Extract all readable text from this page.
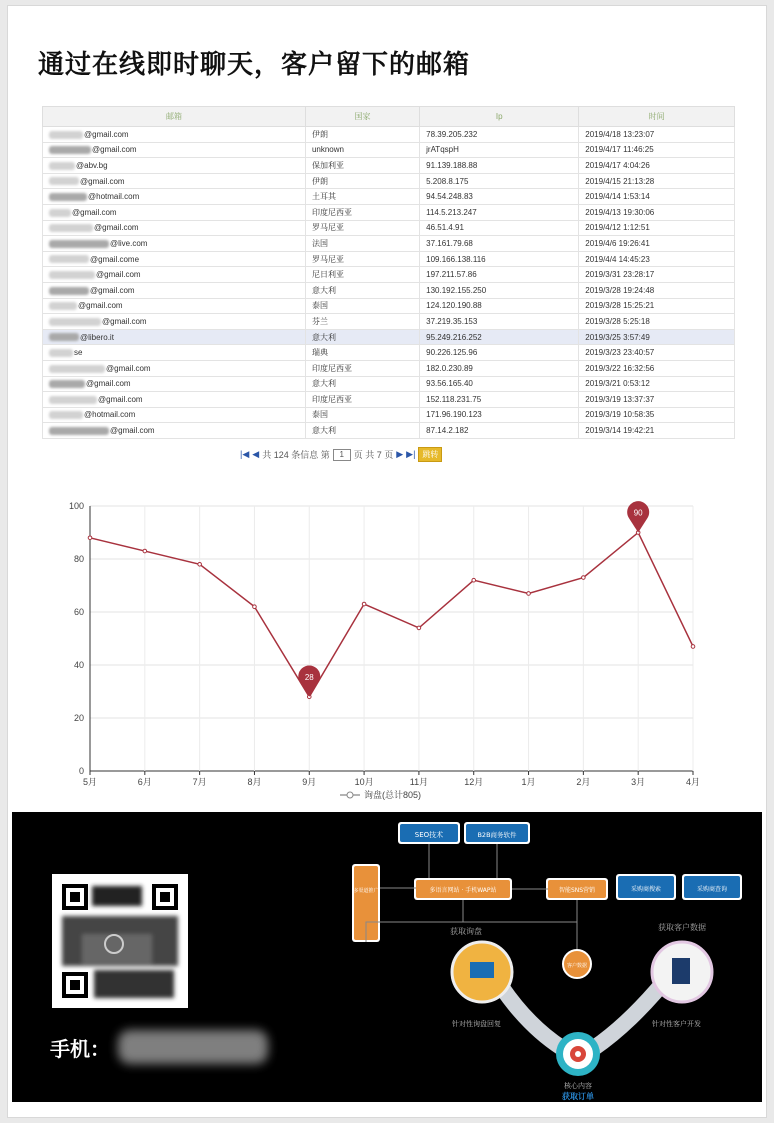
通过在线即时聊天，客户留下的邮箱
邮箱	国家	Ip	时间
@gmail.com	伊朗	78.39.205.232	2019/4/18 13:23:07
@gmail.com	unknown	jrATqspH	2019/4/17 11:46:25
@abv.bg	保加利亚	91.139.188.88	2019/4/17 4:04:26
@gmail.com	伊朗	5.208.8.175	2019/4/15 21:13:28
@hotmail.com	土耳其	94.54.248.83	2019/4/14 1:53:14
@gmail.com	印度尼西亚	114.5.213.247	2019/4/13 19:30:06
@gmail.com	罗马尼亚	46.51.4.91	2019/4/12 1:12:51
@live.com	法国	37.161.79.68	2019/4/6 19:26:41
@gmail.come	罗马尼亚	109.166.138.116	2019/4/4 14:45:23
@gmail.com	尼日利亚	197.211.57.86	2019/3/31 23:28:17
@gmail.com	意大利	130.192.155.250	2019/3/28 19:24:48
@gmail.com	泰国	124.120.190.88	2019/3/28 15:25:21
@gmail.com	芬兰	37.219.35.153	2019/3/28 5:25:18
@libero.it	意大利	95.249.216.252	2019/3/25 3:57:49
se	瑞典	90.226.125.96	2019/3/23 23:40:57
@gmail.com	印度尼西亚	182.0.230.89	2019/3/22 16:32:56
@gmail.com	意大利	93.56.165.40	2019/3/21 0:53:12
@gmail.com	印度尼西亚	152.118.231.75	2019/3/19 13:37:37
@hotmail.com	泰国	171.96.190.123	2019/3/19 10:58:35
@gmail.com	意大利	87.14.2.182	2019/3/14 19:42:21
|◀ ◀ 共 124 条信息 第	1	页 共 7 页 ▶ ▶| 跳转
0
20
40
60
80
100
5月	6月	7月	8月	9月	10月	11月	12月	1月	2月	3月	4月
28
90
询盘(总计805)
手机：
SEO技术	B2B商务软件
多渠道推广	多语言网站 · 手机WAP站	智能SNS营销	采购商搜索	采购商查询
获取询盘	获取客户数据
客户数据
针对性询盘回复	针对性客户开发
核心内容
获取订单
